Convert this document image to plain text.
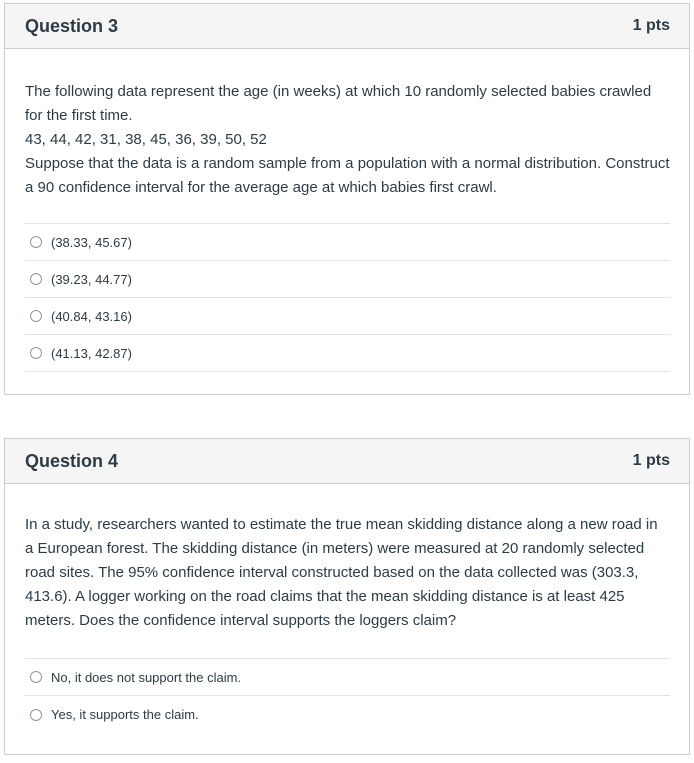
Question 3	1 pts

The following data represent the age (in weeks) at which 10 randomly selected babies crawled for the first time.

43, 44, 42, 31, 38, 45, 36, 39, 50, 52

Suppose that the data is a random sample from a population with a normal distribution. Construct a 90 confidence interval for the average age at which babies first crawl.

(38.33, 45.67)
(39.23, 44.77)
(40.84, 43.16)
(41.13, 42.87)
Question 4	1 pts

In a study, researchers wanted to estimate the true mean skidding distance along a new road in a European forest. The skidding distance (in meters) were measured at 20 randomly selected road sites. The 95% confidence interval constructed based on the data collected was (303.3, 413.6). A logger working on the road claims that the mean skidding distance is at least 425 meters. Does the confidence interval supports the loggers claim?

No, it does not support the claim.
Yes, it supports the claim.
